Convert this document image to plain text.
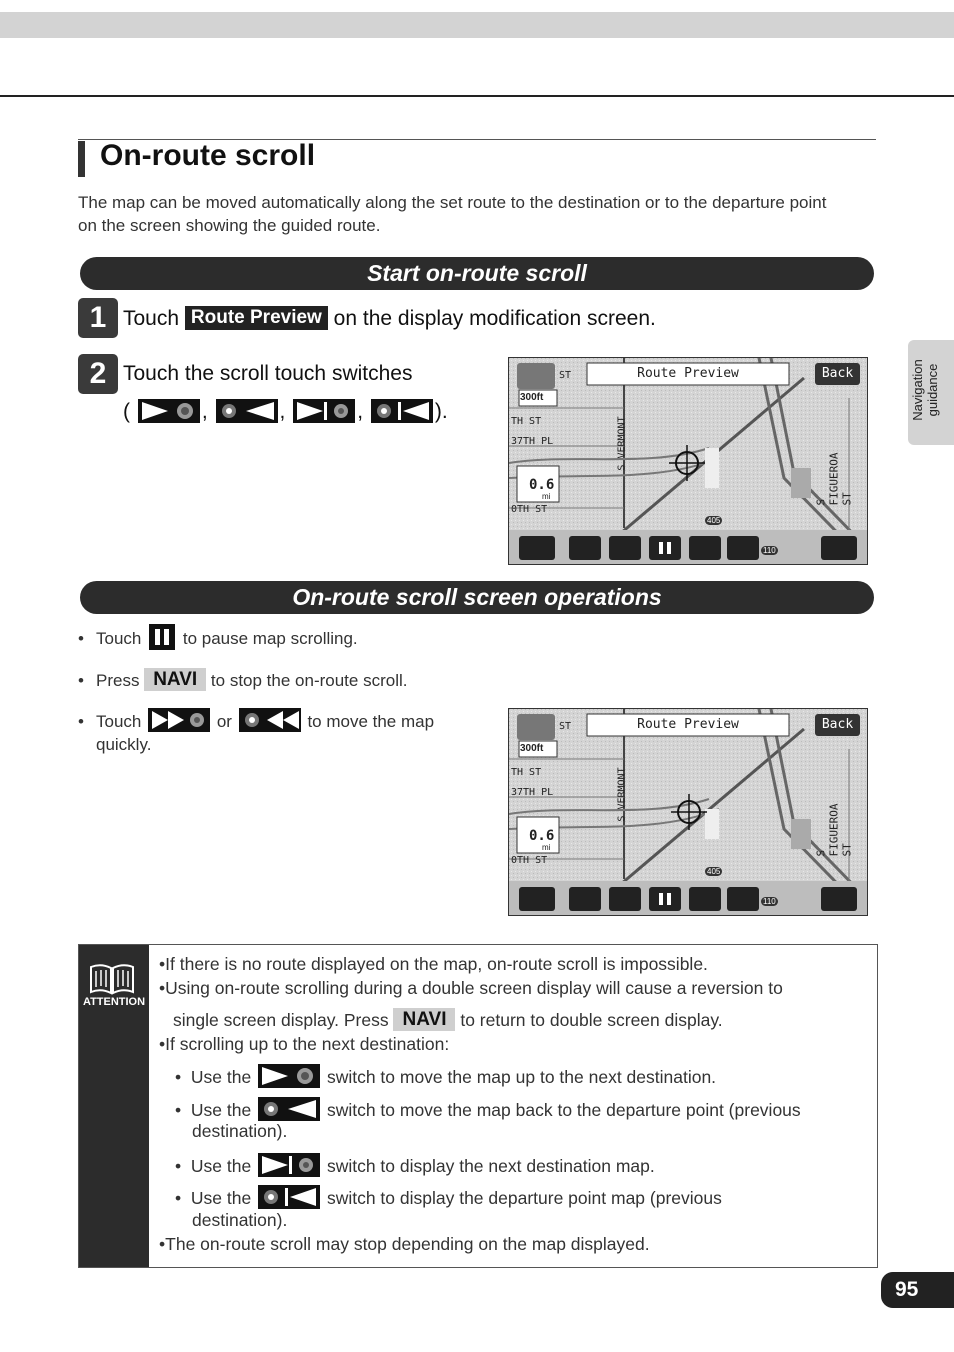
On-route scroll
The map can be moved automatically along the set route to the destination or to the departure point on the screen showing the guided route.
Start on-route scroll
1 Touch Route Preview on the display modification screen.
2 Touch the scroll touch switches
(	,	,	,	).
Route Preview	Back
300ft
0.6
mi
TH ST
37TH PL
0TH ST
ST
S VERMONT
S FIGUEROA ST
405
110
On-route scroll screen operations
• Touch to pause map scrolling.
• Press NAVI to stop the on-route scroll.
• Touch	or	to move the map
quickly.
Route Preview	Back
300ft
0.6
mi
TH ST
37TH PL
0TH ST
ST
S VERMONT
S FIGUEROA ST
405
110
Navigation guidance
ATTENTION
•If there is no route displayed on the map, on-route scroll is impossible.
•Using on-route scrolling during a double screen display will cause a reversion to
single screen display. Press NAVI to return to double screen display.
•If scrolling up to the next destination:
• Use the	switch to move the map up to the next destination.
• Use the	switch to move the map back to the departure point (previous
destination).
• Use the	switch to display the next destination map.
• Use the	switch to display the departure point map (previous
destination).
•The on-route scroll may stop depending on the map displayed.
95
